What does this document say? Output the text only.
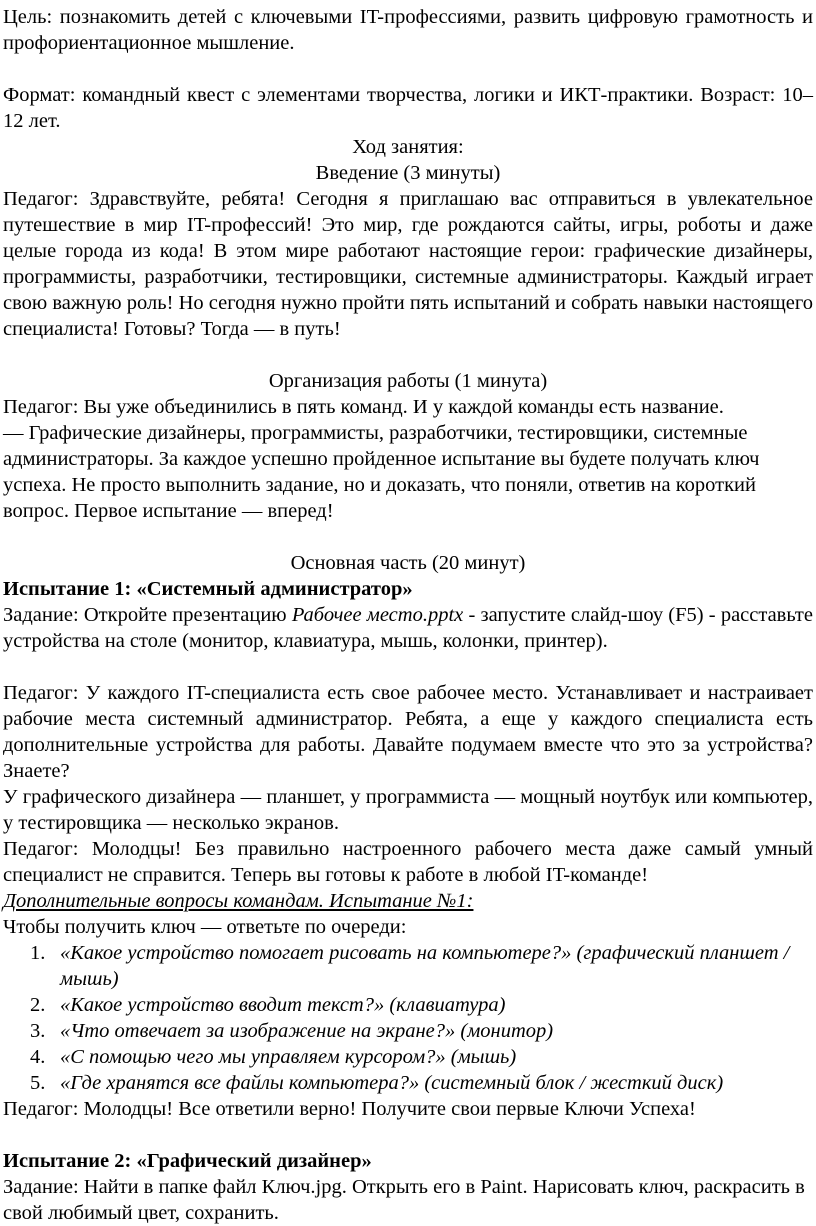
Цель: познакомить детей с ключевыми IT-профессиями, развить цифровую грамотность и профориентационное мышление.

Формат: командный квест с элементами творчества, логики и ИКТ-практики. Возраст: 10–12 лет.

Ход занятия:

Введение (3 минуты)

Педагог: Здравствуйте, ребята! Сегодня я приглашаю вас отправиться в увлекательное путешествие в мир IT-профессий! Это мир, где рождаются сайты, игры, роботы и даже целые города из кода! В этом мире работают настоящие герои: графические дизайнеры, программисты, разработчики, тестировщики, системные администраторы. Каждый играет свою важную роль! Но сегодня нужно пройти пять испытаний и собрать навыки настоящего специалиста! Готовы? Тогда — в путь!

Организация работы (1 минута)

Педагог: Вы уже объединились в пять команд. И у каждой команды есть название.

— Графические дизайнеры, программисты, разработчики, тестировщики, системные администраторы. За каждое успешно пройденное испытание вы будете получать ключ успеха. Не просто выполнить задание, но и доказать, что поняли, ответив на короткий вопрос. Первое испытание — вперед!

Основная часть (20 минут)

Испытание 1: «Системный администратор»

Задание: Откройте презентацию Рабочее место.pptx - запустите слайд-шоу (F5) - расставьте устройства на столе (монитор, клавиатура, мышь, колонки, принтер).

Педагог: У каждого IT-специалиста есть свое рабочее место. Устанавливает и настраивает рабочие места системный администратор. Ребята, а еще у каждого специалиста есть дополнительные устройства для работы. Давайте подумаем вместе что это за устройства? Знаете?

У графического дизайнера — планшет, у программиста — мощный ноутбук или компьютер, у тестировщика — несколько экранов.

Педагог: Молодцы! Без правильно настроенного рабочего места даже самый умный специалист не справится. Теперь вы готовы к работе в любой IT-команде!

Дополнительные вопросы командам. Испытание №1:

Чтобы получить ключ — ответьте по очереди:

1. «Какое устройство помогает рисовать на компьютере?» (графический планшет / мышь)
2. «Какое устройство вводит текст?» (клавиатура)
3. «Что отвечает за изображение на экране?» (монитор)
4. «С помощью чего мы управляем курсором?» (мышь)
5. «Где хранятся все файлы компьютера?» (системный блок / жесткий диск)

Педагог: Молодцы! Все ответили верно! Получите свои первые Ключи Успеха!

Испытание 2: «Графический дизайнер»

Задание: Найти в папке файл Ключ.jpg. Открыть его в Paint. Нарисовать ключ, раскрасить в свой любимый цвет, сохранить.
